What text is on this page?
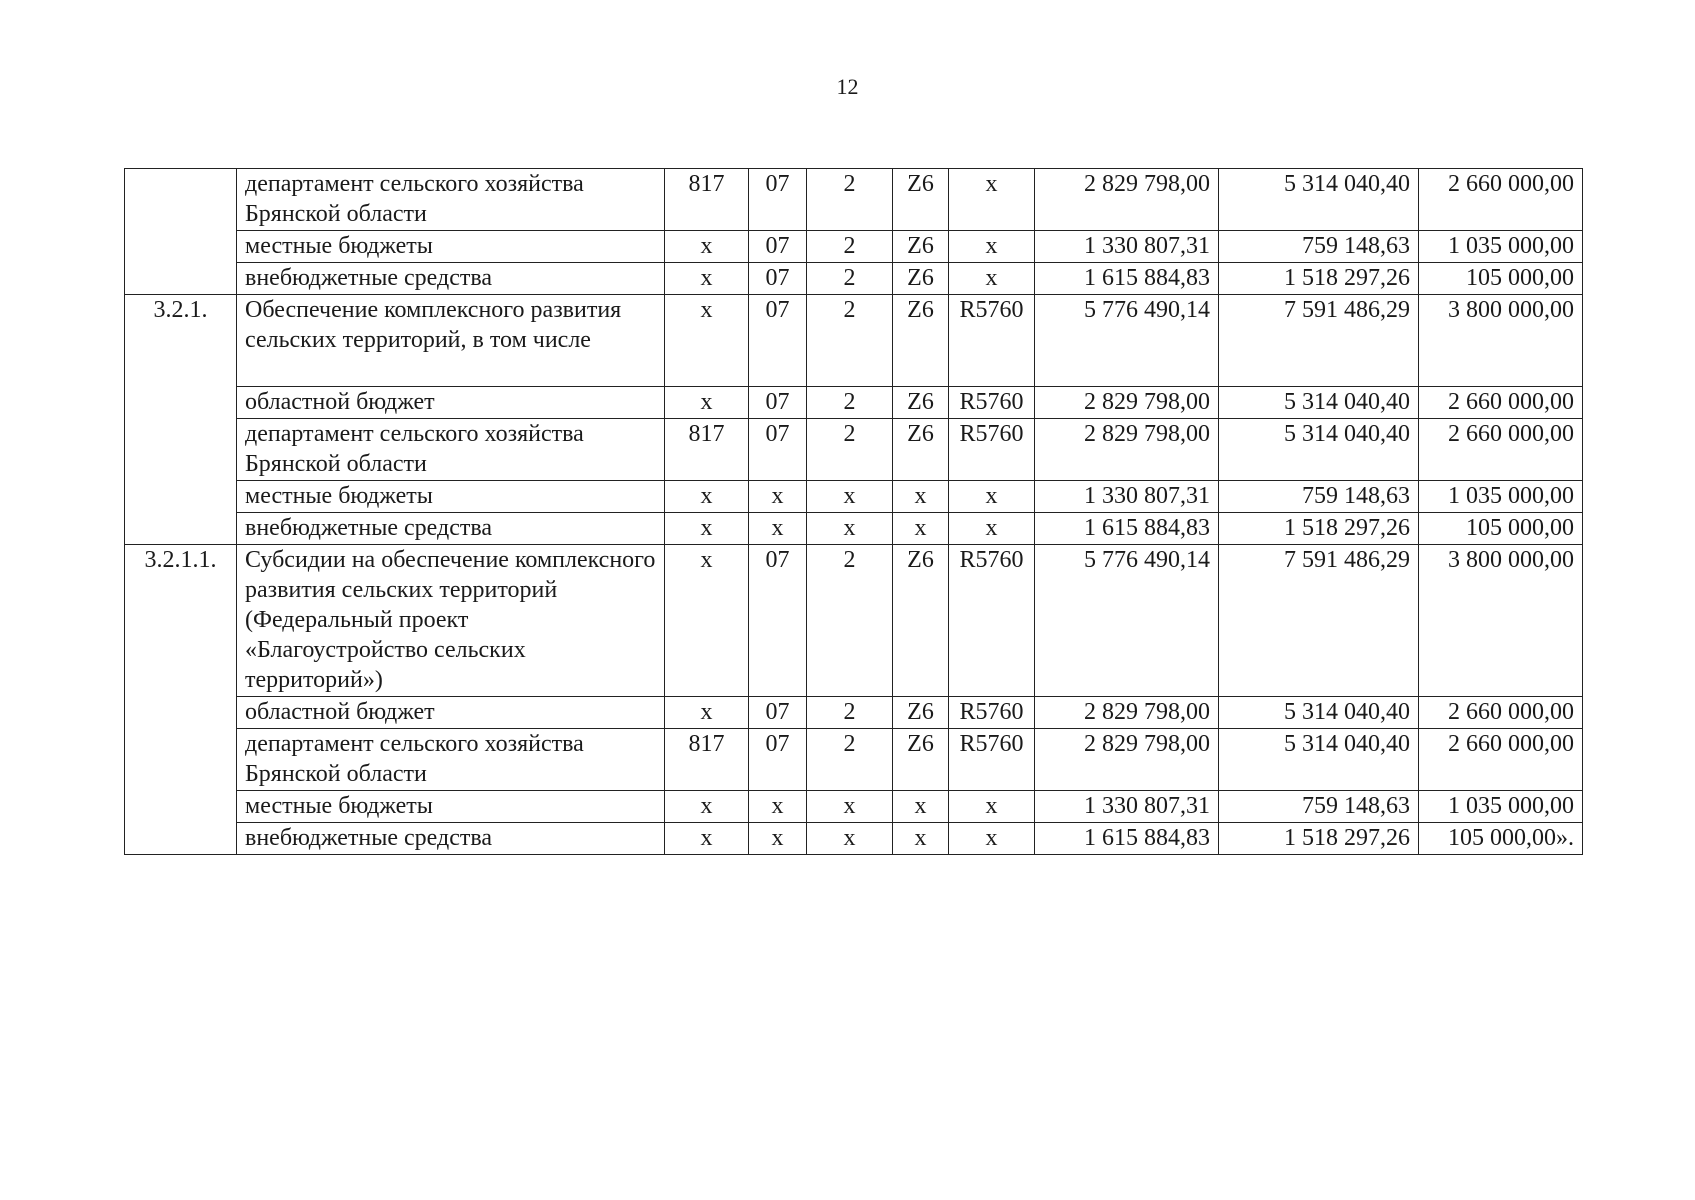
12
	департамент сельского хозяйства Брянской области	817	07	2	Z6	х	2 829 798,00	5 314 040,40	2 660 000,00
	местные бюджеты	х	07	2	Z6	х	1 330 807,31	759 148,63	1 035 000,00
	внебюджетные средства	х	07	2	Z6	х	1 615 884,83	1 518 297,26	105 000,00
3.2.1.	Обеспечение комплексного развития сельских территорий, в том числе	х	07	2	Z6	R5760	5 776 490,14	7 591 486,29	3 800 000,00
	областной бюджет	х	07	2	Z6	R5760	2 829 798,00	5 314 040,40	2 660 000,00
	департамент сельского хозяйства Брянской области	817	07	2	Z6	R5760	2 829 798,00	5 314 040,40	2 660 000,00
	местные бюджеты	х	х	х	х	х	1 330 807,31	759 148,63	1 035 000,00
	внебюджетные средства	х	х	х	х	х	1 615 884,83	1 518 297,26	105 000,00
3.2.1.1.	Субсидии на обеспечение комплексного развития сельских территорий (Федеральный проект «Благоустройство сельских территорий»)	х	07	2	Z6	R5760	5 776 490,14	7 591 486,29	3 800 000,00
	областной бюджет	х	07	2	Z6	R5760	2 829 798,00	5 314 040,40	2 660 000,00
	департамент сельского хозяйства Брянской области	817	07	2	Z6	R5760	2 829 798,00	5 314 040,40	2 660 000,00
	местные бюджеты	х	х	х	х	х	1 330 807,31	759 148,63	1 035 000,00
	внебюджетные средства	х	х	х	х	х	1 615 884,83	1 518 297,26	105 000,00».
